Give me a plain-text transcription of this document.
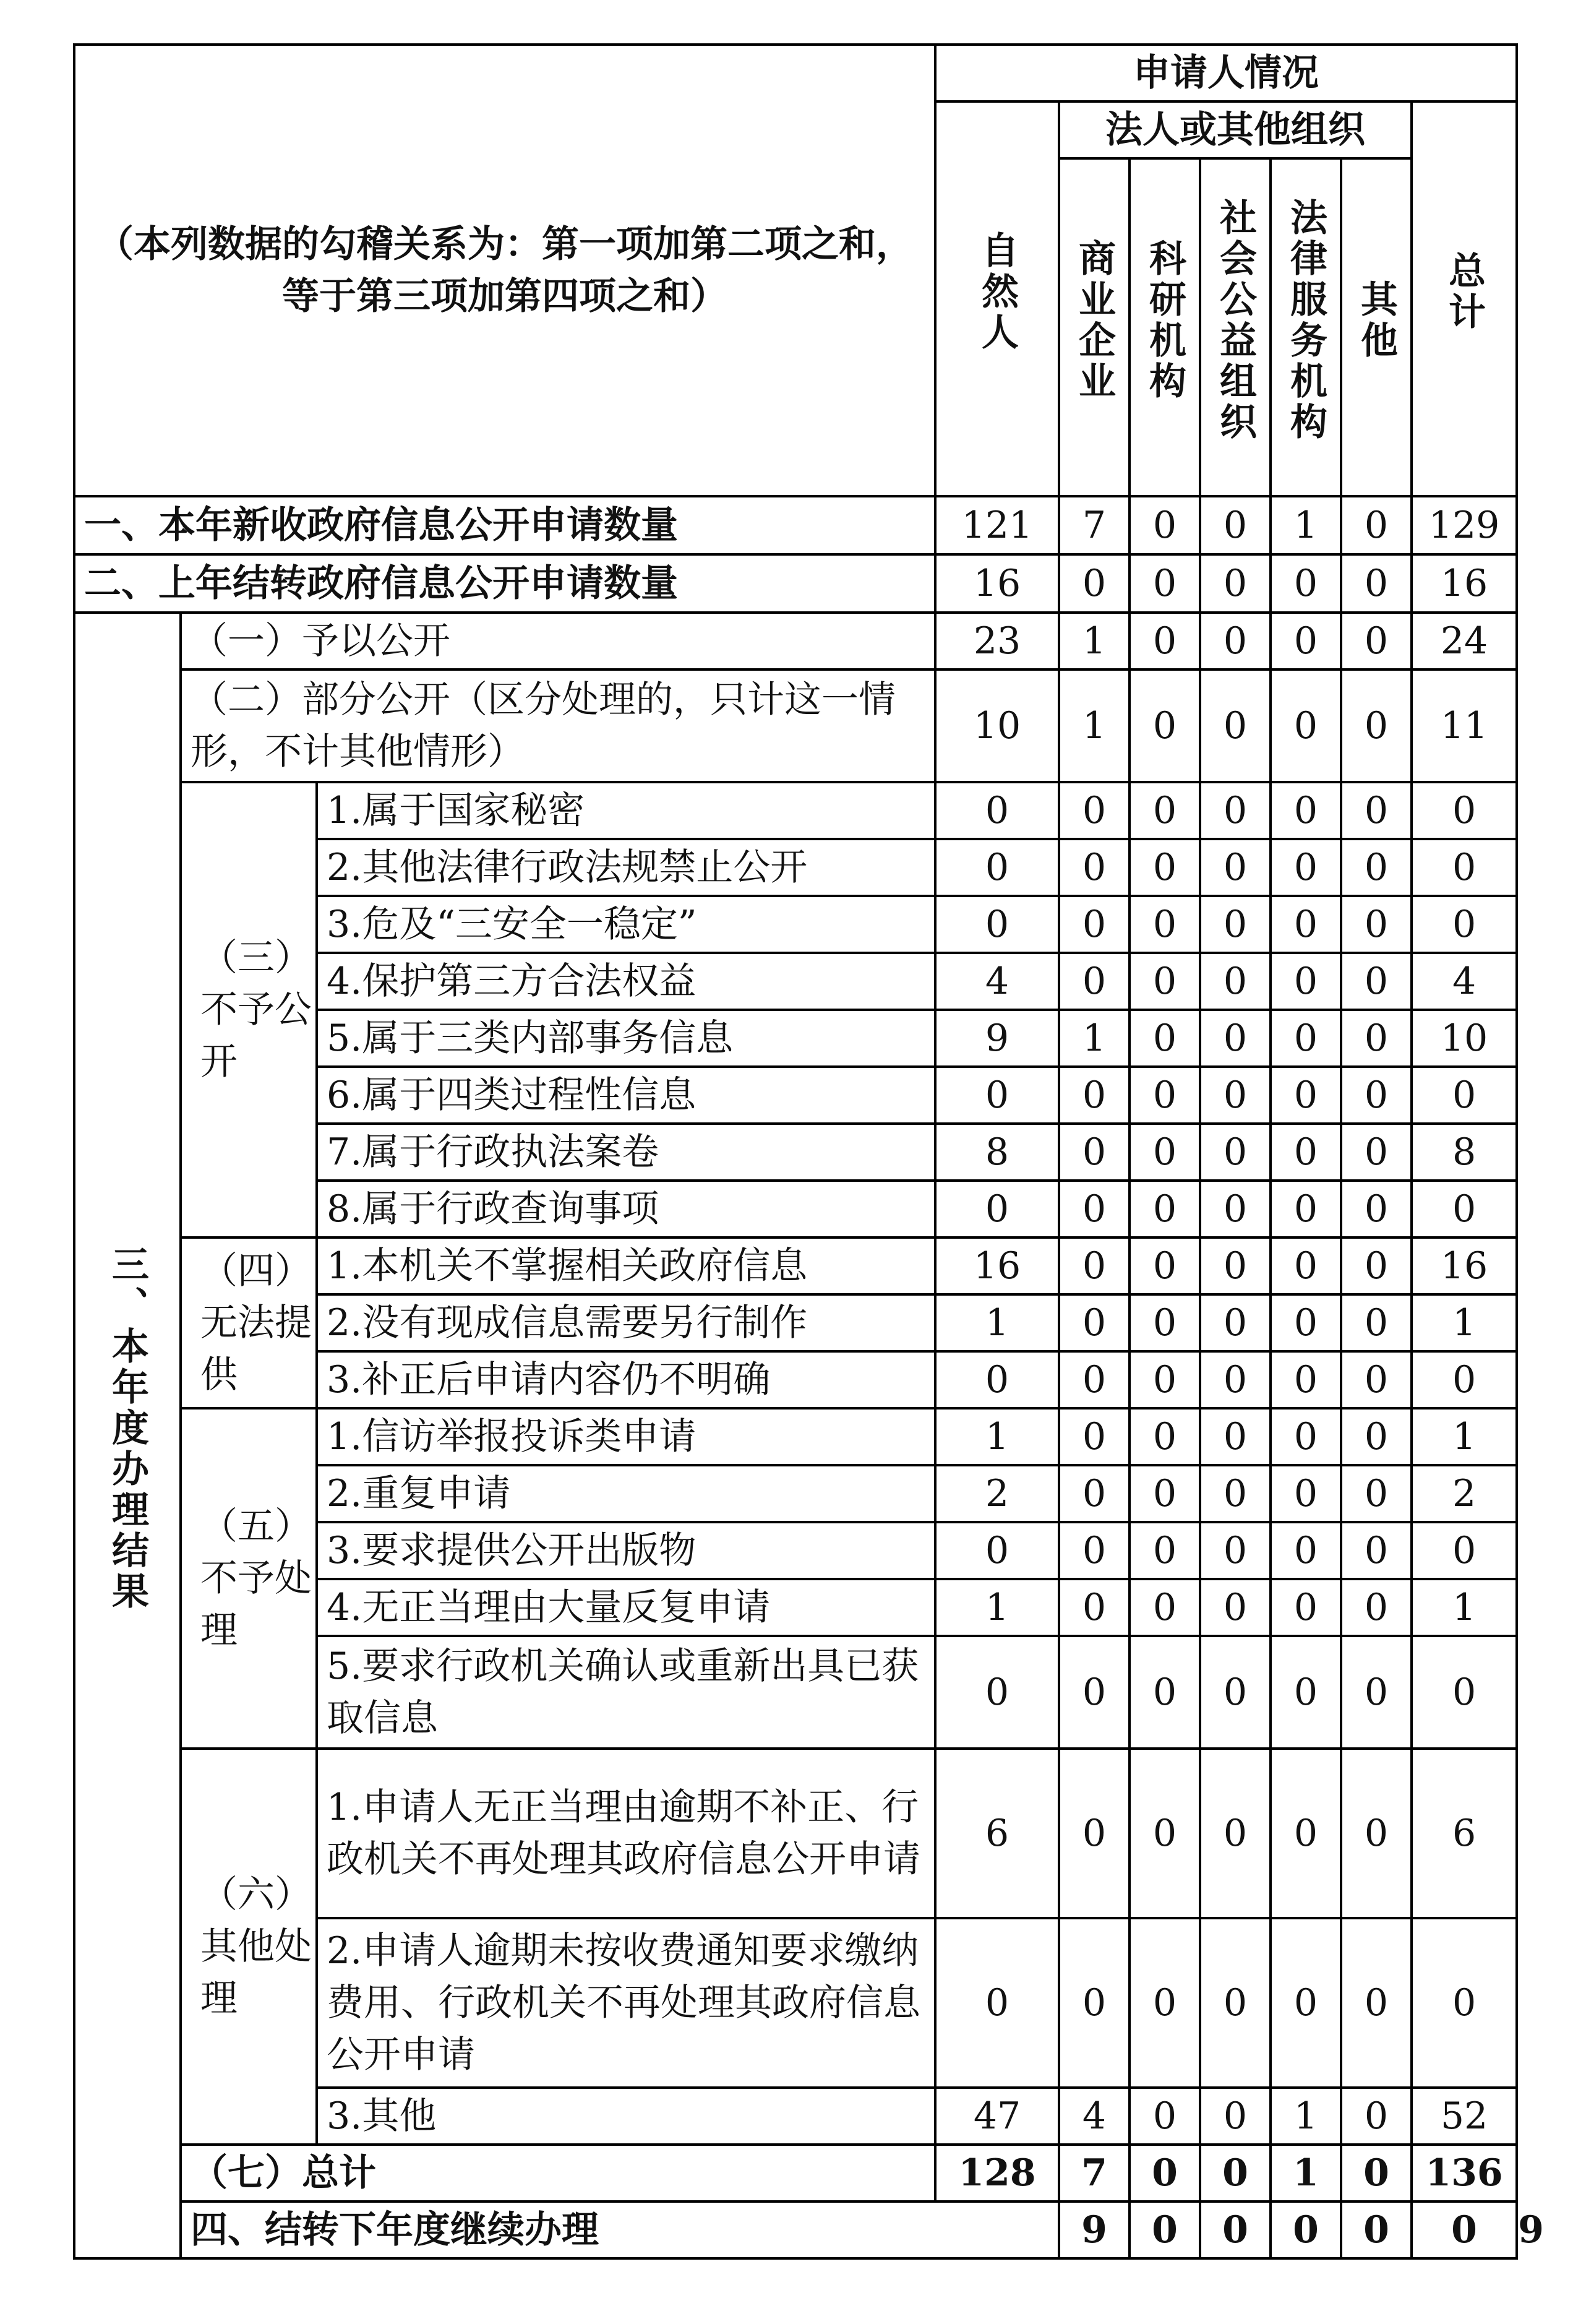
（本列数据的勾稽关系为：第一项加第二项之和，等于第三项加第四项之和）			申请人情况							
			自然人	法人或其他组织					总计	
				商业企业	科研机构	社会公益组织	法律服务机构	其他		
一、本年新收政府信息公开申请数量			121	7	0	0	1	0	129	
二、上年结转政府信息公开申请数量			16	0	0	0	0	0	16	
三、本年度办理结果	（一）予以公开		23	1	0	0	0	0	24	
	（二）部分公开（区分处理的，只计这一情形，不计其他情形）		10	1	0	0	0	0	11	
	（三）不予公开	1.属于国家秘密	0	0	0	0	0	0	0	
		2.其他法律行政法规禁止公开	0	0	0	0	0	0	0	
		3.危及“三安全一稳定”	0	0	0	0	0	0	0	
		4.保护第三方合法权益	4	0	0	0	0	0	4	
		5.属于三类内部事务信息	9	1	0	0	0	0	10	
		6.属于四类过程性信息	0	0	0	0	0	0	0	
		7.属于行政执法案卷	8	0	0	0	0	0	8	
		8.属于行政查询事项	0	0	0	0	0	0	0	
	（四）无法提供	1.本机关不掌握相关政府信息	16	0	0	0	0	0	16	
		2.没有现成信息需要另行制作	1	0	0	0	0	0	1	
		3.补正后申请内容仍不明确	0	0	0	0	0	0	0	
	（五）不予处理	1.信访举报投诉类申请	1	0	0	0	0	0	1	
		2.重复申请	2	0	0	0	0	0	2	
		3.要求提供公开出版物	0	0	0	0	0	0	0	
		4.无正当理由大量反复申请	1	0	0	0	0	0	1	
		5.要求行政机关确认或重新出具已获取信息	0	0	0	0	0	0	0	
	（六）其他处理	1.申请人无正当理由逾期不补正、行政机关不再处理其政府信息公开申请	6	0	0	0	0	0	6	
		2.申请人逾期未按收费通知要求缴纳费用、行政机关不再处理其政府信息公开申请	0	0	0	0	0	0	0	
		3.其他	47	4	0	0	1	0	52	
	（七）总计		128	7	0	0	1	0	136	
	四、结转下年度继续办理			9	0	0	0	0	0	9
